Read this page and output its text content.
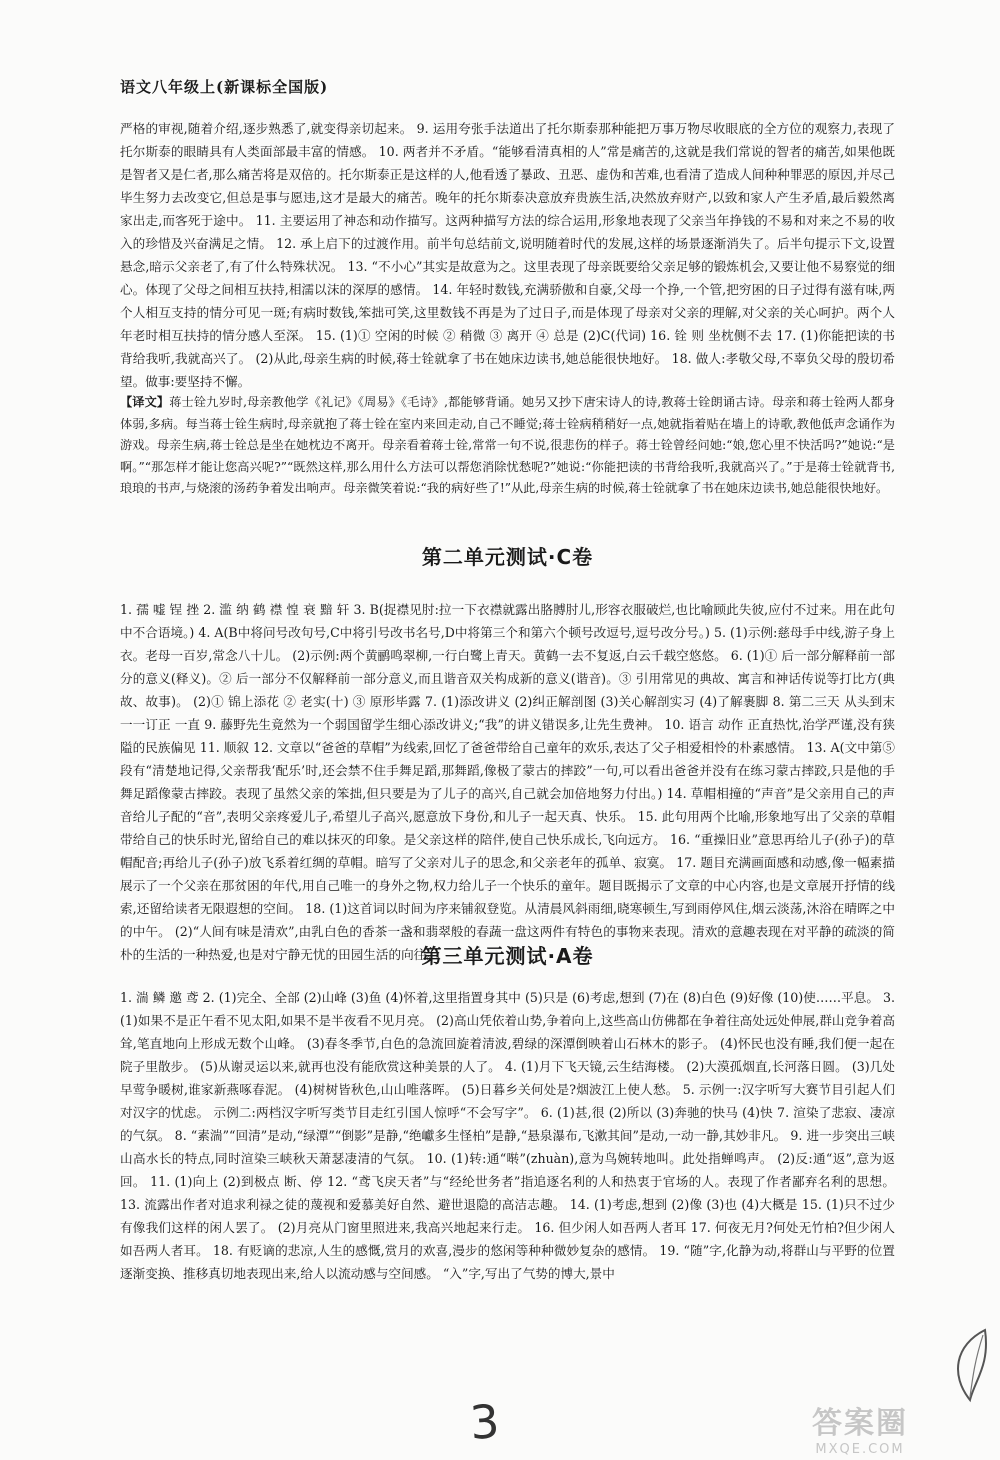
语文八年级上(新课标全国版)
严格的审视,随着介绍,逐步熟悉了,就变得亲切起来。 9. 运用夸张手法道出了托尔斯泰那种能把万事万物尽收眼底的全方位的观察力,表现了托尔斯泰的眼睛具有人类面部最丰富的情感。 10. 两者并不矛盾。“能够看清真相的人”常是痛苦的,这就是我们常说的智者的痛苦,如果他既是智者又是仁者,那么痛苦将是双倍的。托尔斯泰正是这样的人,他看透了暴政、丑恶、虚伪和苦难,也看清了造成人间种种罪恶的原因,并尽己毕生努力去改变它,但总是事与愿违,这才是最大的痛苦。晚年的托尔斯泰决意放弃贵族生活,决然放弃财产,以致和家人产生矛盾,最后毅然离家出走,而客死于途中。 11. 主要运用了神态和动作描写。这两种描写方法的综合运用,形象地表现了父亲当年挣钱的不易和对来之不易的收入的珍惜及兴奋满足之情。 12. 承上启下的过渡作用。前半句总结前文,说明随着时代的发展,这样的场景逐渐消失了。后半句提示下文,设置悬念,暗示父亲老了,有了什么特殊状况。 13. “不小心”其实是故意为之。这里表现了母亲既要给父亲足够的锻炼机会,又要让他不易察觉的细心。体现了父母之间相互扶持,相濡以沫的深厚的感情。 14. 年轻时数钱,充满骄傲和自豪,父母一个挣,一个管,把穷困的日子过得有滋有味,两个人相互支持的情分可见一斑;有病时数钱,笨拙可笑,这里数钱不再是为了过日子,而是体现了母亲对父亲的理解,对父亲的关心呵护。两个人年老时相互扶持的情分感人至深。 15. (1)① 空闲的时候 ② 稍微 ③ 离开 ④ 总是 (2)C(代词) 16. 铨 则 坐枕侧不去 17. (1)你能把读的书背给我听,我就高兴了。 (2)从此,母亲生病的时候,蒋士铨就拿了书在她床边读书,她总能很快地好。 18. 做人:孝敬父母,不辜负父母的殷切希望。做事:要坚持不懈。
【译文】蒋士铨九岁时,母亲教他学《礼记》《周易》《毛诗》,都能够背诵。她另又抄下唐宋诗人的诗,教蒋士铨朗诵古诗。母亲和蒋士铨两人都身体弱,多病。每当蒋士铨生病时,母亲就抱了蒋士铨在室内来回走动,自己不睡觉;蒋士铨病稍稍好一点,她就指着贴在墙上的诗歌,教他低声念诵作为游戏。母亲生病,蒋士铨总是坐在她枕边不离开。母亲看着蒋士铨,常常一句不说,很悲伤的样子。蒋士铨曾经问她:“娘,您心里不快活吗?”她说:“是啊。”“那怎样才能让您高兴呢?”“既然这样,那么用什么方法可以帮您消除忧愁呢?”她说:“你能把读的书背给我听,我就高兴了。”于是蒋士铨就背书,琅琅的书声,与烧滚的汤药争着发出响声。母亲微笑着说:“我的病好些了!”从此,母亲生病的时候,蒋士铨就拿了书在她床边读书,她总能很快地好。
第二单元测试·C卷
1. 孺 嘘 锃 挫 2. 滥 纳 鹤 襟 惶 衰 黯 轩 3. B(捉襟见肘:拉一下衣襟就露出胳膊肘儿,形容衣服破烂,也比喻顾此失彼,应付不过来。用在此句中不合语境。) 4. A(B中将问号改句号,C中将引号改书名号,D中将第三个和第六个顿号改逗号,逗号改分号。) 5. (1)示例:慈母手中线,游子身上衣。老母一百岁,常念八十儿。 (2)示例:两个黄鹂鸣翠柳,一行白鹭上青天。黄鹤一去不复返,白云千载空悠悠。 6. (1)① 后一部分解释前一部分的意义(释义)。② 后一部分不仅解释前一部分意义,而且谐音双关构成新的意义(谐音)。③ 引用常见的典故、寓言和神话传说等打比方(典故、故事)。 (2)① 锦上添花 ② 老实(十) ③ 原形毕露 7. (1)添改讲义 (2)纠正解剖图 (3)关心解剖实习 (4)了解裹脚 8. 第二三天 从头到末 一一订正 一直 9. 藤野先生竟然为一个弱国留学生细心添改讲义;“我”的讲义错误多,让先生费神。 10. 语言 动作 正直热忱,治学严谨,没有狭隘的民族偏见 11. 顺叙 12. 文章以“爸爸的草帽”为线索,回忆了爸爸带给自己童年的欢乐,表达了父子相爱相怜的朴素感情。 13. A(文中第⑤段有“清楚地记得,父亲帮我‘配乐’时,还会禁不住手舞足蹈,那舞蹈,像极了蒙古的摔跤”一句,可以看出爸爸并没有在练习蒙古摔跤,只是他的手舞足蹈像蒙古摔跤。表现了虽然父亲的笨拙,但只要是为了儿子的高兴,自己就会加倍地努力付出。) 14. 草帽相撞的“声音”是父亲用自己的声音给儿子配的“音”,表明父亲疼爱儿子,希望儿子高兴,愿意放下身份,和儿子一起天真、快乐。 15. 此句用两个比喻,形象地写出了父亲的草帽带给自己的快乐时光,留给自己的难以抹灭的印象。是父亲这样的陪伴,使自己快乐成长,飞向远方。 16. “重操旧业”意思再给儿子(孙子)的草帽配音;再给儿子(孙子)放飞系着红绸的草帽。暗写了父亲对儿子的思念,和父亲老年的孤单、寂寞。 17. 题目充满画面感和动感,像一幅素描展示了一个父亲在那贫困的年代,用自己唯一的身外之物,权力给儿子一个快乐的童年。题目既揭示了文章的中心内容,也是文章展开抒情的线索,还留给读者无限遐想的空间。 18. (1)这首词以时间为序来铺叙登览。从清晨风斜雨细,晓寒顿生,写到雨停风住,烟云淡荡,沐浴在晴晖之中的中午。 (2)“人间有味是清欢”,由乳白色的香茶一盏和翡翠般的春蔬一盘这两件有特色的事物来表现。清欢的意趣表现在对平静的疏淡的简朴的生活的一种热爱,也是对宁静无忧的田园生活的向往。
第三单元测试·A卷
1. 湍 鳞 邀 鸢 2. (1)完全、全部 (2)山峰 (3)鱼 (4)怀着,这里指置身其中 (5)只是 (6)考虑,想到 (7)在 (8)白色 (9)好像 (10)使……平息。 3. (1)如果不是正午看不见太阳,如果不是半夜看不见月亮。 (2)高山凭依着山势,争着向上,这些高山仿佛都在争着往高处远处伸展,群山竞争着高耸,笔直地向上形成无数个山峰。 (3)春冬季节,白色的急流回旋着清波,碧绿的深潭倒映着山石林木的影子。 (4)怀民也没有睡,我们便一起在院子里散步。 (5)从谢灵运以来,就再也没有能欣赏这种美景的人了。 4. (1)月下飞天镜,云生结海楼。 (2)大漠孤烟直,长河落日圆。 (3)几处早莺争暖树,谁家新燕啄春泥。 (4)树树皆秋色,山山唯落晖。 (5)日暮乡关何处是?烟波江上使人愁。 5. 示例一:汉字听写大赛节目引起人们对汉字的忧虑。 示例二:两档汉字听写类节目走红引国人惊呼“不会写字”。 6. (1)甚,很 (2)所以 (3)奔驰的快马 (4)快 7. 渲染了悲寂、凄凉的气氛。 8. “素湍”“回清”是动,“绿潭”“倒影”是静,“绝巘多生怪柏”是静,“悬泉瀑布,飞漱其间”是动,一动一静,其妙非凡。 9. 进一步突出三峡山高水长的特点,同时渲染三峡秋天萧瑟凄清的气氛。 10. (1)转:通“啭”(zhuàn),意为鸟婉转地叫。此处指蝉鸣声。 (2)反:通“返”,意为返回。 11. (1)向上 (2)到极点 断、停 12. “鸢飞戾天者”与“经纶世务者”指追逐名利的人和热衷于官场的人。表现了作者鄙弃名利的思想。 13. 流露出作者对追求利禄之徒的蔑视和爱慕美好自然、避世退隐的高洁志趣。 14. (1)考虑,想到 (2)像 (3)也 (4)大概是 15. (1)只不过少有像我们这样的闲人罢了。 (2)月亮从门窗里照进来,我高兴地起来行走。 16. 但少闲人如吾两人者耳 17. 何夜无月?何处无竹柏?但少闲人如吾两人者耳。 18. 有贬谪的悲凉,人生的感慨,赏月的欢喜,漫步的悠闲等种种微妙复杂的感情。 19. “随”字,化静为动,将群山与平野的位置逐渐变换、推移真切地表现出来,给人以流动感与空间感。 “入”字,写出了气势的博大,景中
3	答案圈
MXQE.COM
